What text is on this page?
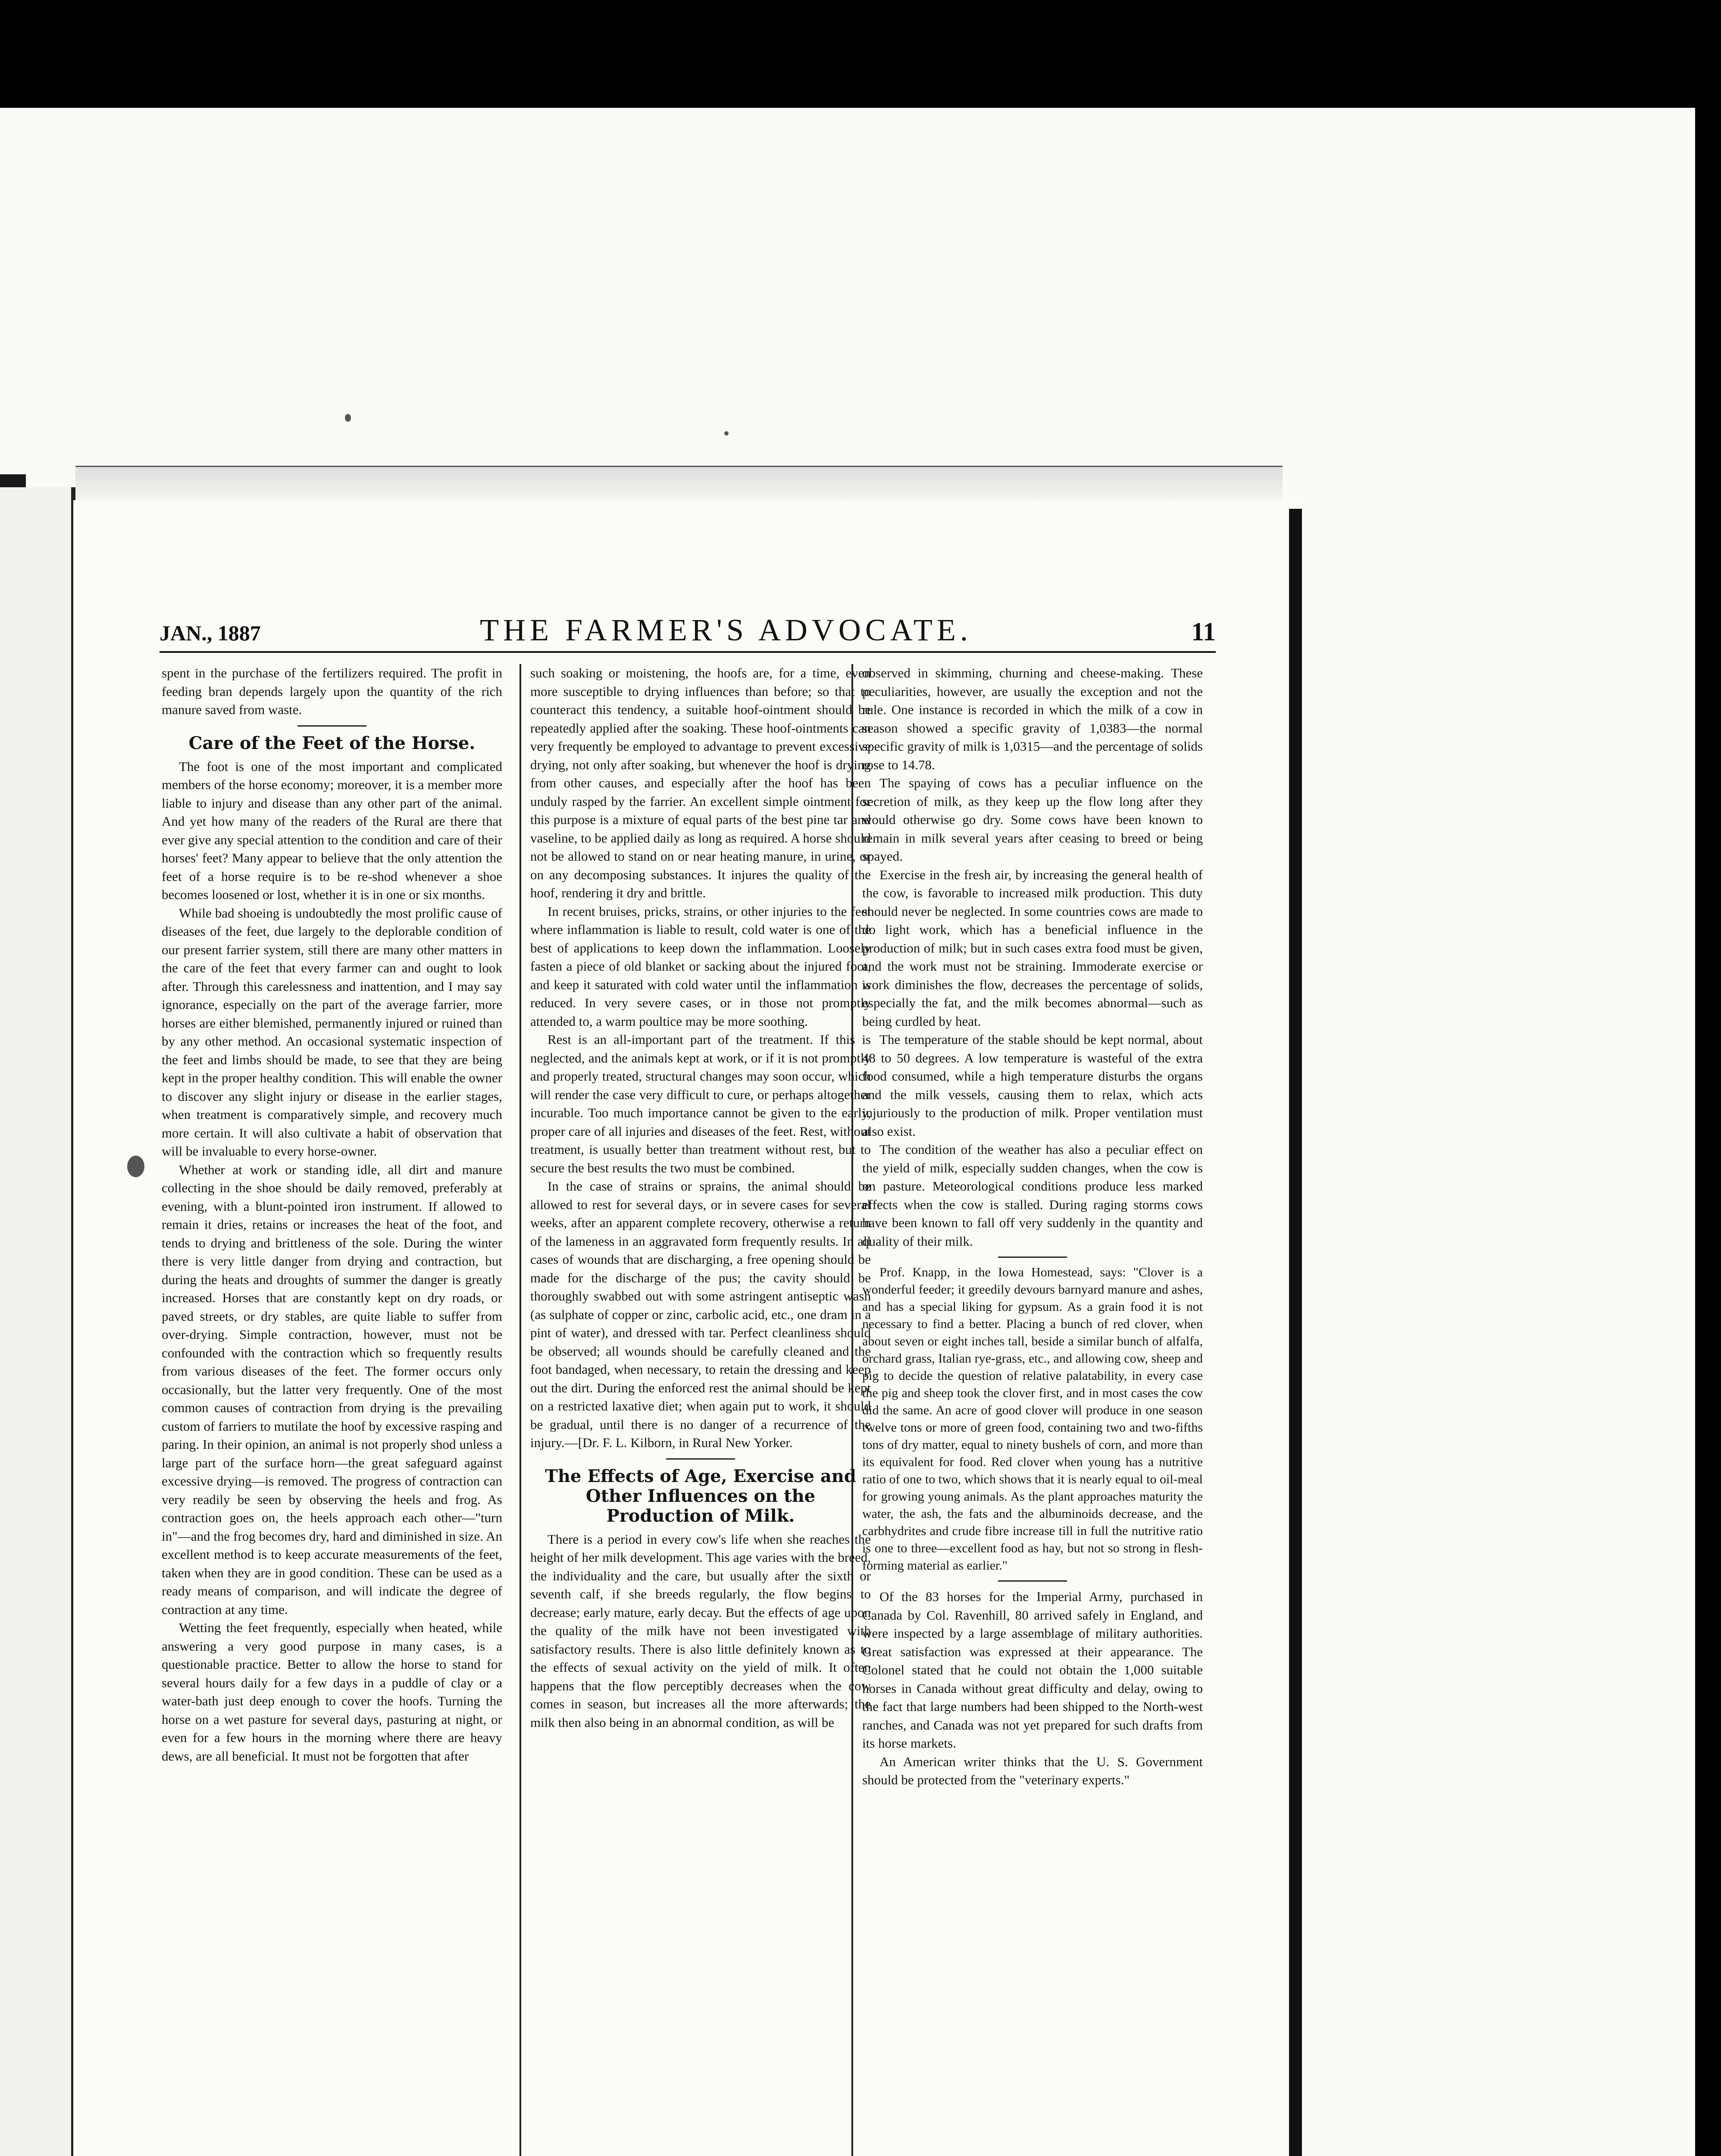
JAN., 1887	THE FARMER'S ADVOCATE.	11

spent in the purchase of the fertilizers required. The profit in feeding bran depends largely upon the quantity of the rich manure saved from waste.

Care of the Feet of the Horse.

The foot is one of the most important and complicated members of the horse economy; moreover, it is a member more liable to injury and disease than any other part of the animal. And yet how many of the readers of the Rural are there that ever give any special attention to the condition and care of their horses' feet? Many appear to believe that the only attention the feet of a horse require is to be re-shod whenever a shoe becomes loosened or lost, whether it is in one or six months.

While bad shoeing is undoubtedly the most prolific cause of diseases of the feet, due largely to the deplorable condition of our present farrier system, still there are many other matters in the care of the feet that every farmer can and ought to look after. Through this carelessness and inattention, and I may say ignorance, especially on the part of the average farrier, more horses are either blemished, permanently injured or ruined than by any other method. An occasional systematic inspection of the feet and limbs should be made, to see that they are being kept in the proper healthy condition. This will enable the owner to discover any slight injury or disease in the earlier stages, when treatment is comparatively simple, and recovery much more certain. It will also cultivate a habit of observation that will be invaluable to every horse-owner.

Whether at work or standing idle, all dirt and manure collecting in the shoe should be daily removed, preferably at evening, with a blunt-pointed iron instrument. If allowed to remain it dries, retains or increases the heat of the foot, and tends to drying and brittleness of the sole. During the winter there is very little danger from drying and contraction, but during the heats and droughts of summer the danger is greatly increased. Horses that are constantly kept on dry roads, or paved streets, or dry stables, are quite liable to suffer from over-drying. Simple contraction, however, must not be confounded with the contraction which so frequently results from various diseases of the feet. The former occurs only occasionally, but the latter very frequently. One of the most common causes of contraction from drying is the prevailing custom of farriers to mutilate the hoof by excessive rasping and paring. In their opinion, an animal is not properly shod unless a large part of the surface horn—the great safeguard against excessive drying—is removed. The progress of contraction can very readily be seen by observing the heels and frog. As contraction goes on, the heels approach each other—"turn in"—and the frog becomes dry, hard and diminished in size. An excellent method is to keep accurate measurements of the feet, taken when they are in good condition. These can be used as a ready means of comparison, and will indicate the degree of contraction at any time.

Wetting the feet frequently, especially when heated, while answering a very good purpose in many cases, is a questionable practice. Better to allow the horse to stand for several hours daily for a few days in a puddle of clay or a water-bath just deep enough to cover the hoofs. Turning the horse on a wet pasture for several days, pasturing at night, or even for a few hours in the morning where there are heavy dews, are all beneficial. It must not be forgotten that after

such soaking or moistening, the hoofs are, for a time, even more susceptible to drying influences than before; so that to counteract this tendency, a suitable hoof-ointment should be repeatedly applied after the soaking. These hoof-ointments can very frequently be employed to advantage to prevent excessive drying, not only after soaking, but whenever the hoof is drying from other causes, and especially after the hoof has been unduly rasped by the farrier. An excellent simple ointment for this purpose is a mixture of equal parts of the best pine tar and vaseline, to be applied daily as long as required. A horse should not be allowed to stand on or near heating manure, in urine, or on any decomposing substances. It injures the quality of the hoof, rendering it dry and brittle.

In recent bruises, pricks, strains, or other injuries to the feet where inflammation is liable to result, cold water is one of the best of applications to keep down the inflammation. Loosely fasten a piece of old blanket or sacking about the injured foot, and keep it saturated with cold water until the inflammation is reduced. In very severe cases, or in those not promptly attended to, a warm poultice may be more soothing.

Rest is an all-important part of the treatment. If this is neglected, and the animals kept at work, or if it is not promptly and properly treated, structural changes may soon occur, which will render the case very difficult to cure, or perhaps altogether incurable. Too much importance cannot be given to the early, proper care of all injuries and diseases of the feet. Rest, without treatment, is usually better than treatment without rest, but to secure the best results the two must be combined.

In the case of strains or sprains, the animal should be allowed to rest for several days, or in severe cases for several weeks, after an apparent complete recovery, otherwise a return of the lameness in an aggravated form frequently results. In all cases of wounds that are discharging, a free opening should be made for the discharge of the pus; the cavity should be thoroughly swabbed out with some astringent antiseptic wash (as sulphate of copper or zinc, carbolic acid, etc., one dram in a pint of water), and dressed with tar. Perfect cleanliness should be observed; all wounds should be carefully cleaned and the foot bandaged, when necessary, to retain the dressing and keep out the dirt. During the enforced rest the animal should be kept on a restricted laxative diet; when again put to work, it should be gradual, until there is no danger of a recurrence of the injury.—[Dr. F. L. Kilborn, in Rural New Yorker.

The Effects of Age, Exercise and Other Influences on the Production of Milk.

There is a period in every cow's life when she reaches the height of her milk development. This age varies with the breed, the individuality and the care, but usually after the sixth or seventh calf, if she breeds regularly, the flow begins to decrease; early mature, early decay. But the effects of age upon the quality of the milk have not been investigated with satisfactory results. There is also little definitely known as to the effects of sexual activity on the yield of milk. It often happens that the flow perceptibly decreases when the cow comes in season, but increases all the more afterwards; the milk then also being in an abnormal condition, as will be

observed in skimming, churning and cheese-making. These peculiarities, however, are usually the exception and not the rule. One instance is recorded in which the milk of a cow in season showed a specific gravity of 1,0383—the normal specific gravity of milk is 1,0315—and the percentage of solids rose to 14.78.

The spaying of cows has a peculiar influence on the secretion of milk, as they keep up the flow long after they would otherwise go dry. Some cows have been known to remain in milk several years after ceasing to breed or being spayed.

Exercise in the fresh air, by increasing the general health of the cow, is favorable to increased milk production. This duty should never be neglected. In some countries cows are made to do light work, which has a beneficial influence in the production of milk; but in such cases extra food must be given, and the work must not be straining. Immoderate exercise or work diminishes the flow, decreases the percentage of solids, especially the fat, and the milk becomes abnormal—such as being curdled by heat.

The temperature of the stable should be kept normal, about 48 to 50 degrees. A low temperature is wasteful of the extra food consumed, while a high temperature disturbs the organs and the milk vessels, causing them to relax, which acts injuriously to the production of milk. Proper ventilation must also exist.

The condition of the weather has also a peculiar effect on the yield of milk, especially sudden changes, when the cow is on pasture. Meteorological conditions produce less marked effects when the cow is stalled. During raging storms cows have been known to fall off very suddenly in the quantity and quality of their milk.

Prof. Knapp, in the Iowa Homestead, says: "Clover is a wonderful feeder; it greedily devours barnyard manure and ashes, and has a special liking for gypsum. As a grain food it is not necessary to find a better. Placing a bunch of red clover, when about seven or eight inches tall, beside a similar bunch of alfalfa, orchard grass, Italian rye-grass, etc., and allowing cow, sheep and pig to decide the question of relative palatability, in every case the pig and sheep took the clover first, and in most cases the cow did the same. An acre of good clover will produce in one season twelve tons or more of green food, containing two and two-fifths tons of dry matter, equal to ninety bushels of corn, and more than its equivalent for food. Red clover when young has a nutritive ratio of one to two, which shows that it is nearly equal to oil-meal for growing young animals. As the plant approaches maturity the water, the ash, the fats and the albuminoids decrease, and the carbhydrites and crude fibre increase till in full the nutritive ratio is one to three—excellent food as hay, but not so strong in flesh-forming material as earlier."

Of the 83 horses for the Imperial Army, purchased in Canada by Col. Ravenhill, 80 arrived safely in England, and were inspected by a large assemblage of military authorities. Great satisfaction was expressed at their appearance. The Colonel stated that he could not obtain the 1,000 suitable horses in Canada without great difficulty and delay, owing to the fact that large numbers had been shipped to the North-west ranches, and Canada was not yet prepared for such drafts from its horse markets.

An American writer thinks that the U. S. Government should be protected from the "veterinary experts."
